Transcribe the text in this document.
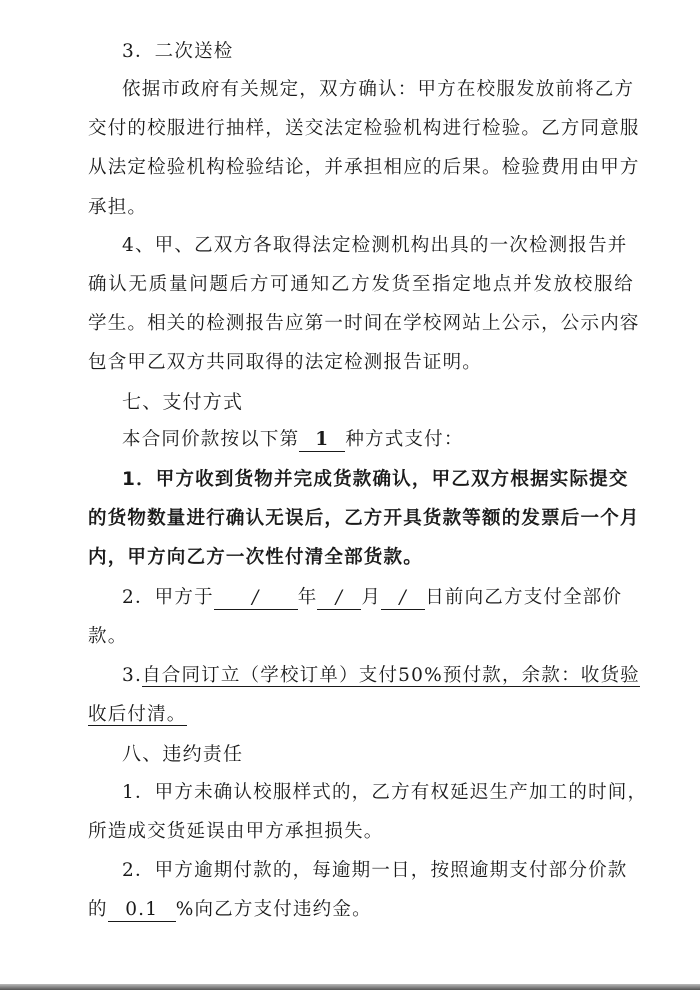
3．二次送检
依据市政府有关规定，双方确认：甲方在校服发放前将乙方
交付的校服进行抽样，送交法定检验机构进行检验。乙方同意服
从法定检验机构检验结论，并承担相应的后果。检验费用由甲方
承担。
4、甲、乙双方各取得法定检测机构出具的一次检测报告并
确认无质量问题后方可通知乙方发货至指定地点并发放校服给
学生。相关的检测报告应第一时间在学校网站上公示，公示内容
包含甲乙双方共同取得的法定检测报告证明。
七、支付方式
本合同价款按以下第 1 种方式支付：
1．甲方收到货物并完成货款确认，甲乙双方根据实际提交
的货物数量进行确认无误后，乙方开具货款等额的发票后一个月
内，甲方向乙方一次性付清全部货款。
2．甲方于 / 年 / 月 / 日前向乙方支付全部价
款。
3.自合同订立（学校订单）支付50%预付款，余款：收货验
收后付清。
八、违约责任
1．甲方未确认校服样式的，乙方有权延迟生产加工的时间，
所造成交货延误由甲方承担损失。
2．甲方逾期付款的，每逾期一日，按照逾期支付部分价款
的 0.1 %向乙方支付违约金。
